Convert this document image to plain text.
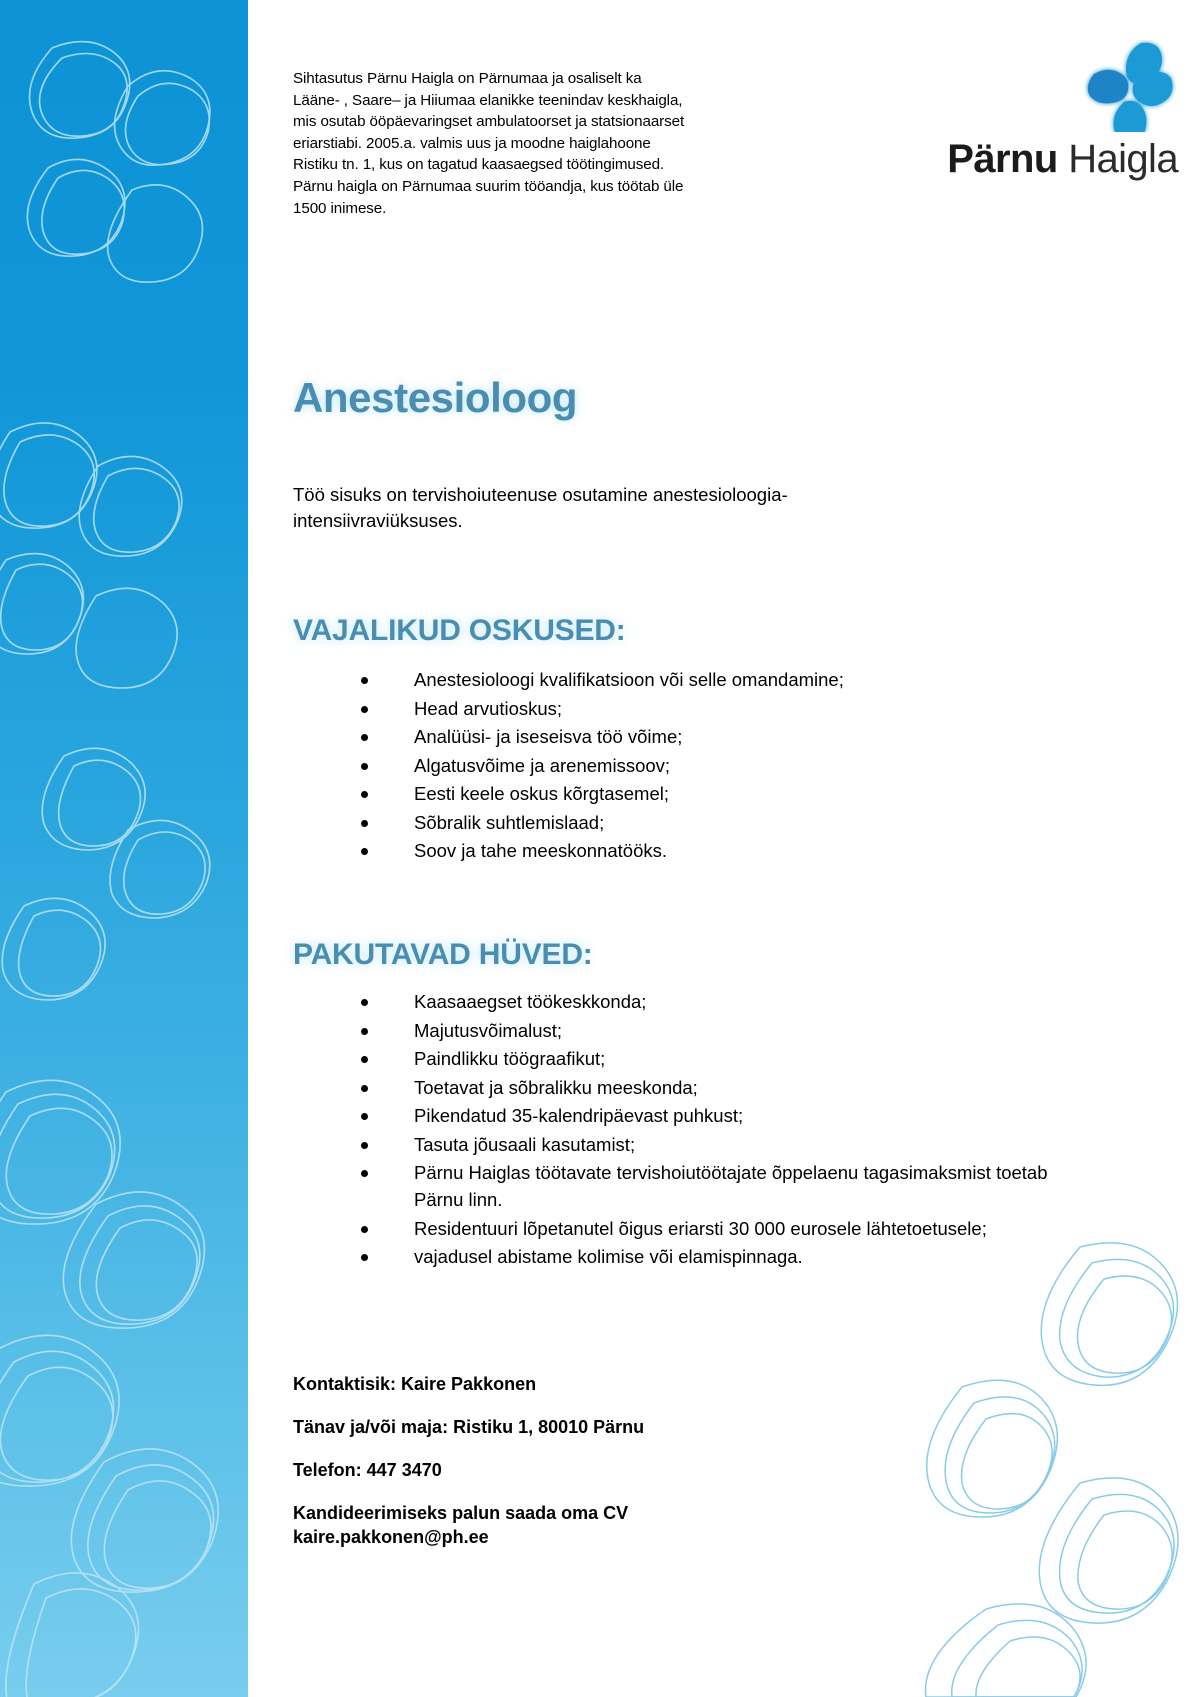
Sihtasutus Pärnu Haigla on Pärnumaa ja osaliselt ka Lääne- , Saare– ja Hiiumaa elanikke teenindav keskhaigla, mis osutab ööpäevaringset ambulatoorset ja statsionaarset eriarstiabi. 2005.a. valmis uus ja moodne haiglahoone Ristiku tn. 1, kus on tagatud kaasaegsed töötingimused. Pärnu haigla on Pärnumaa suurim tööandja, kus töötab üle 1500 inimese.

Pärnu Haigla
Anestesioloog

Töö sisuks on tervishoiuteenuse osutamine anestesioloogia-intensiivraviüksuses.

VAJALIKUD OSKUSED:
Anestesioloogi kvalifikatsioon või selle omandamine;
Head arvutioskus;
Analüüsi- ja iseseisva töö võime;
Algatusvõime ja arenemissoov;
Eesti keele oskus kõrgtasemel;
Sõbralik suhtlemislaad;
Soov ja tahe meeskonnatööks.
PAKUTAVAD HÜVED:
Kaasaaegset töökeskkonda;
Majutusvõimalust;
Paindlikku töögraafikut;
Toetavat ja sõbralikku meeskonda;
Pikendatud 35-kalendripäevast puhkust;
Tasuta jõusaali kasutamist;
Pärnu Haiglas töötavate tervishoiutöötajate õppelaenu tagasimaksmist toetab Pärnu linn.
Residentuuri lõpetanutel õigus eriarsti 30 000 eurosele lähtetoetusele;
vajadusel abistame kolimise või elamispinnaga.
Kontaktisik: Kaire Pakkonen
Tänav ja/või maja: Ristiku 1, 80010 Pärnu
Telefon: 447 3470
Kandideerimiseks palun saada oma CV
kaire.pakkonen@ph.ee
